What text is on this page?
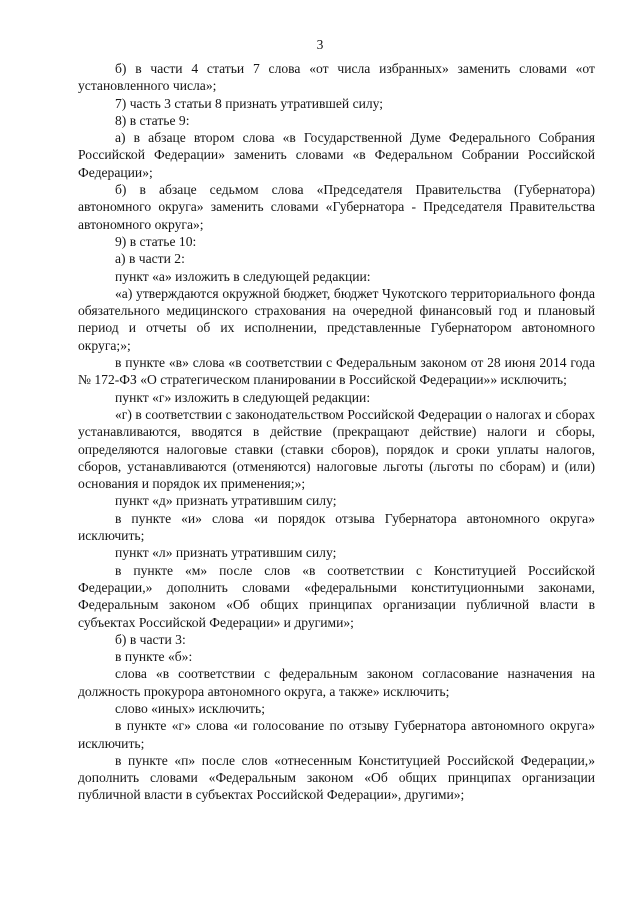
3

б) в части 4 статьи 7 слова «от числа избранных» заменить словами «от установленного числа»;

7) часть 3 статьи 8 признать утратившей силу;

8) в статье 9:

а) в абзаце втором слова «в Государственной Думе Федерального Собрания Российской Федерации» заменить словами «в Федеральном Собрании Российской Федерации»;

б) в абзаце седьмом слова «Председателя Правительства (Губернатора) автономного округа» заменить словами «Губернатора - Председателя Правительства автономного округа»;

9) в статье 10:

а) в части 2:

пункт «а» изложить в следующей редакции:

«а) утверждаются окружной бюджет, бюджет Чукотского территориального фонда обязательного медицинского страхования на очередной финансовый год и плановый период и отчеты об их исполнении, представленные Губернатором автономного округа;»;

в пункте «в» слова «в соответствии с Федеральным законом от 28 июня 2014 года № 172-ФЗ «О стратегическом планировании в Российской Федерации»» исключить;

пункт «г» изложить в следующей редакции:

«г) в соответствии с законодательством Российской Федерации о налогах и сборах устанавливаются, вводятся в действие (прекращают действие) налоги и сборы, определяются налоговые ставки (ставки сборов), порядок и сроки уплаты налогов, сборов, устанавливаются (отменяются) налоговые льготы (льготы по сборам) и (или) основания и порядок их применения;»;

пункт «д» признать утратившим силу;

в пункте «и» слова «и порядок отзыва Губернатора автономного округа» исключить;

пункт «л» признать утратившим силу;

в пункте «м» после слов «в соответствии с Конституцией Российской Федерации,» дополнить словами «федеральными конституционными законами, Федеральным законом «Об общих принципах организации публичной власти в субъектах Российской Федерации» и другими»;

б) в части 3:

в пункте «б»:

слова «в соответствии с федеральным законом согласование назначения на должность прокурора автономного округа, а также» исключить;

слово «иных» исключить;

в пункте «г» слова «и голосование по отзыву Губернатора автономного округа» исключить;

в пункте «п» после слов «отнесенным Конституцией Российской Федерации,» дополнить словами «Федеральным законом «Об общих принципах организации публичной власти в субъектах Российской Федерации», другими»;
